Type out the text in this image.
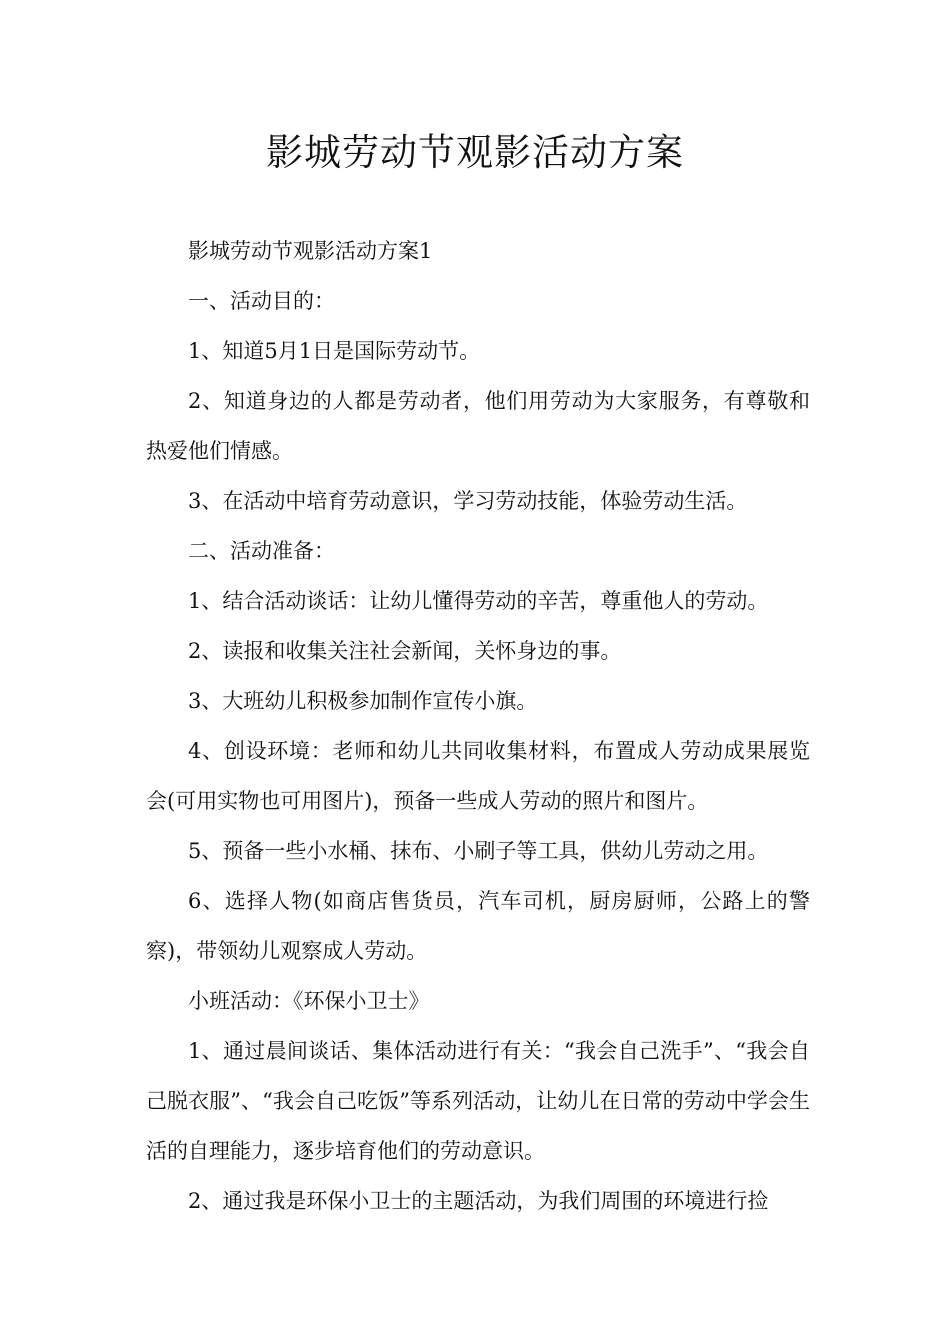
影城劳动节观影活动方案

影城劳动节观影活动方案1

一、活动目的：

1、知道5月1日是国际劳动节。

2、知道身边的人都是劳动者，他们用劳动为大家服务，有尊敬和热爱他们情感。

3、在活动中培育劳动意识，学习劳动技能，体验劳动生活。

二、活动准备：

1、结合活动谈话：让幼儿懂得劳动的辛苦，尊重他人的劳动。

2、读报和收集关注社会新闻，关怀身边的事。

3、大班幼儿积极参加制作宣传小旗。

4、创设环境：老师和幼儿共同收集材料，布置成人劳动成果展览会(可用实物也可用图片)，预备一些成人劳动的照片和图片。

5、预备一些小水桶、抹布、小刷子等工具，供幼儿劳动之用。

6、选择人物(如商店售货员，汽车司机，厨房厨师，公路上的警察)，带领幼儿观察成人劳动。

小班活动：《环保小卫士》

1、通过晨间谈话、集体活动进行有关：“我会自己洗手”、“我会自己脱衣服”、“我会自己吃饭”等系列活动，让幼儿在日常的劳动中学会生活的自理能力，逐步培育他们的劳动意识。

2、通过我是环保小卫士的主题活动，为我们周围的环境进行捡
